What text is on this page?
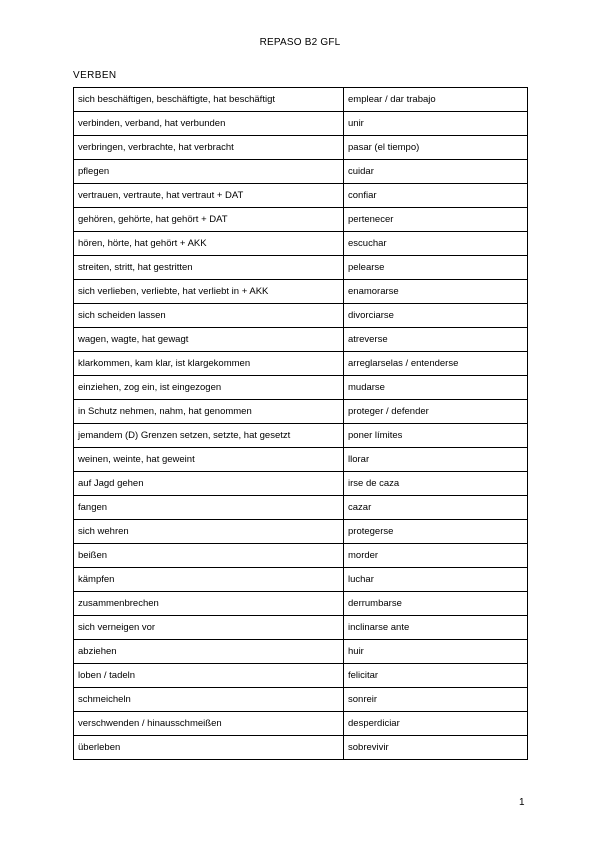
REPASO B2 GFL
VERBEN
sich beschäftigen, beschäftigte, hat beschäftigt	emplear / dar trabajo
verbinden, verband, hat verbunden	unir
verbringen, verbrachte, hat verbracht	pasar (el tiempo)
pflegen	cuidar
vertrauen, vertraute, hat vertraut + DAT	confiar
gehören, gehörte, hat gehört + DAT	pertenecer
hören, hörte, hat gehört + AKK	escuchar
streiten, stritt, hat gestritten	pelearse
sich verlieben, verliebte, hat verliebt in + AKK	enamorarse
sich scheiden lassen	divorciarse
wagen, wagte, hat gewagt	atreverse
klarkommen, kam klar, ist klargekommen	arreglarselas / entenderse
einziehen, zog ein, ist eingezogen	mudarse
in Schutz nehmen, nahm, hat genommen	proteger / defender
jemandem (D) Grenzen setzen, setzte, hat gesetzt	poner límites
weinen, weinte, hat geweint	llorar
auf Jagd gehen	irse de caza
fangen	cazar
sich wehren	protegerse
beißen	morder
kämpfen	luchar
zusammenbrechen	derrumbarse
sich verneigen vor	inclinarse ante
abziehen	huir
loben / tadeln	felicitar
schmeicheln	sonreir
verschwenden / hinausschmeißen	desperdiciar
überleben	sobrevivir
1
